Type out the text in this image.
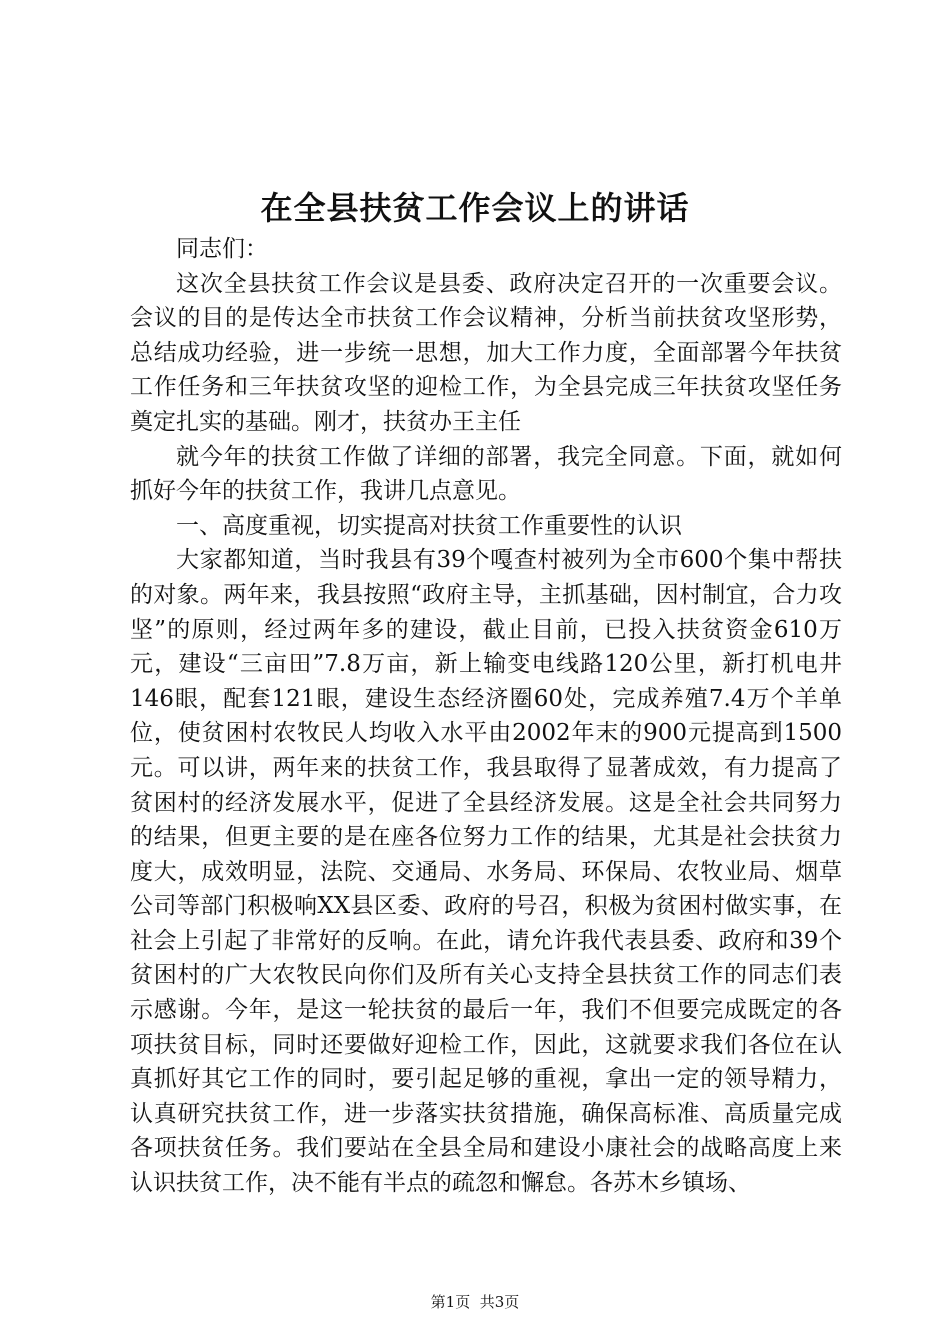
在全县扶贫工作会议上的讲话

同志们：

这次全县扶贫工作会议是县委、政府决定召开的一次重要会议。会议的目的是传达全市扶贫工作会议精神，分析当前扶贫攻坚形势，总结成功经验，进一步统一思想，加大工作力度，全面部署今年扶贫工作任务和三年扶贫攻坚的迎检工作，为全县完成三年扶贫攻坚任务奠定扎实的基础。刚才，扶贫办王主任

就今年的扶贫工作做了详细的部署，我完全同意。下面，就如何抓好今年的扶贫工作，我讲几点意见。

一、高度重视，切实提高对扶贫工作重要性的认识

大家都知道，当时我县有39个嘎查村被列为全市600个集中帮扶的对象。两年来，我县按照“政府主导，主抓基础，因村制宜，合力攻坚”的原则，经过两年多的建设，截止目前，已投入扶贫资金610万元，建设“三亩田”7.8万亩，新上输变电线路120公里，新打机电井146眼，配套121眼，建设生态经济圈60处，完成养殖7.4万个羊单位，使贫困村农牧民人均收入水平由2002年末的900元提高到1500元。可以讲，两年来的扶贫工作，我县取得了显著成效，有力提高了贫困村的经济发展水平，促进了全县经济发展。这是全社会共同努力的结果，但更主要的是在座各位努力工作的结果，尤其是社会扶贫力度大，成效明显，法院、交通局、水务局、环保局、农牧业局、烟草公司等部门积极响XX县区委、政府的号召，积极为贫困村做实事，在社会上引起了非常好的反响。在此，请允许我代表县委、政府和39个贫困村的广大农牧民向你们及所有关心支持全县扶贫工作的同志们表示感谢。今年，是这一轮扶贫的最后一年，我们不但要完成既定的各项扶贫目标，同时还要做好迎检工作，因此，这就要求我们各位在认真抓好其它工作的同时，要引起足够的重视，拿出一定的领导精力，认真研究扶贫工作，进一步落实扶贫措施，确保高标准、高质量完成各项扶贫任务。我们要站在全县全局和建设小康社会的战略高度上来认识扶贫工作，决不能有半点的疏忽和懈怠。各苏木乡镇场、

第1页 共3页
